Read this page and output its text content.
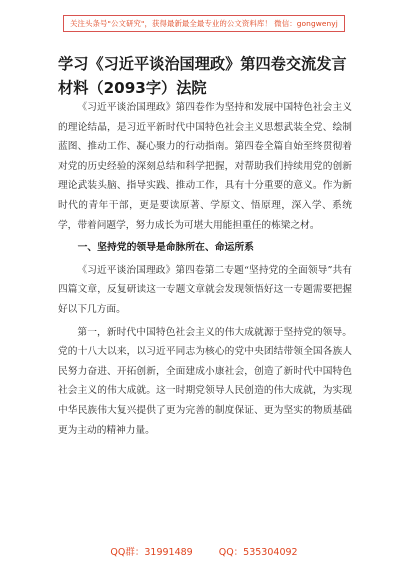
关注头条号"公文研究"，获得最新最全最专业的公文资料库！ 微信：gongwenyj
学习《习近平谈治国理政》第四卷交流发言材料（2093字）法院

《习近平谈治国理政》第四卷作为坚持和发展中国特色社会主义的理论结晶，是习近平新时代中国特色社会主义思想武装全党、绘制蓝图、推动工作、凝心聚力的行动指南。第四卷全篇自始至终贯彻着对党的历史经验的深刻总结和科学把握，对帮助我们持续用党的创新理论武装头脑、指导实践、推动工作，具有十分重要的意义。作为新时代的青年干部，更是要读原著、学原文、悟原理，深入学、系统学，带着问题学，努力成长为可堪大用能担重任的栋梁之材。

一、坚持党的领导是命脉所在、命运所系

《习近平谈治国理政》第四卷第二专题“坚持党的全面领导”共有四篇文章，反复研读这一专题文章就会发现领悟好这一专题需要把握好以下几方面。

第一，新时代中国特色社会主义的伟大成就源于坚持党的领导。党的十八大以来，以习近平同志为核心的党中央团结带领全国各族人民努力奋进、开拓创新，全面建成小康社会，创造了新时代中国特色社会主义的伟大成就。这一时期党领导人民创造的伟大成就，为实现中华民族伟大复兴提供了更为完善的制度保证、更为坚实的物质基础更为主动的精神力量。

QQ群：31991489	QQ：535304092
